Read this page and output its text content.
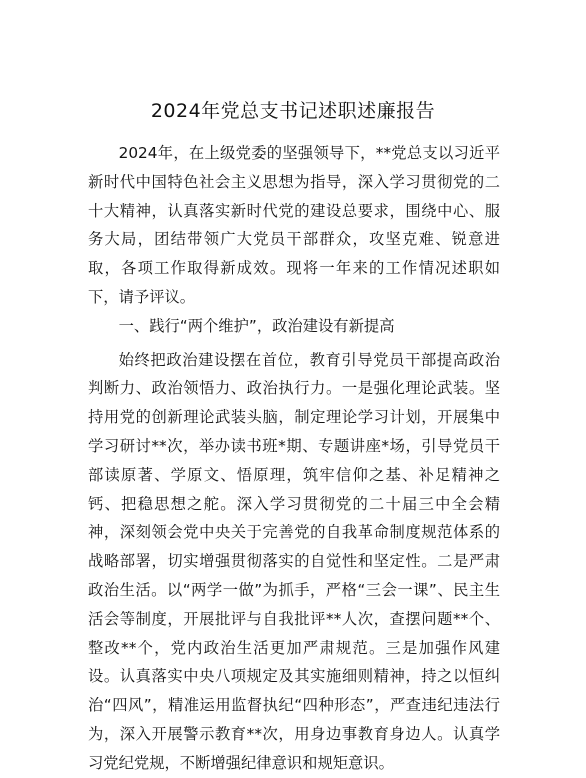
2024年党总支书记述职述廉报告

2024年，在上级党委的坚强领导下，**党总支以习近平新时代中国特色社会主义思想为指导，深入学习贯彻党的二十大精神，认真落实新时代党的建设总要求，围绕中心、服务大局，团结带领广大党员干部群众，攻坚克难、锐意进取，各项工作取得新成效。现将一年来的工作情况述职如下，请予评议。

一、践行“两个维护”，政治建设有新提高

始终把政治建设摆在首位，教育引导党员干部提高政治判断力、政治领悟力、政治执行力。一是强化理论武装。坚持用党的创新理论武装头脑，制定理论学习计划，开展集中学习研讨**次，举办读书班*期、专题讲座*场，引导党员干部读原著、学原文、悟原理，筑牢信仰之基、补足精神之钙、把稳思想之舵。深入学习贯彻党的二十届三中全会精神，深刻领会党中央关于完善党的自我革命制度规范体系的战略部署，切实增强贯彻落实的自觉性和坚定性。二是严肃政治生活。以“两学一做”为抓手，严格“三会一课”、民主生活会等制度，开展批评与自我批评**人次，查摆问题**个、整改**个，党内政治生活更加严肃规范。三是加强作风建设。认真落实中央八项规定及其实施细则精神，持之以恒纠治“四风”，精准运用监督执纪“四种形态”，严查违纪违法行为，深入开展警示教育**次，用身边事教育身边人。认真学习党纪党规，不断增强纪律意识和规矩意识。
